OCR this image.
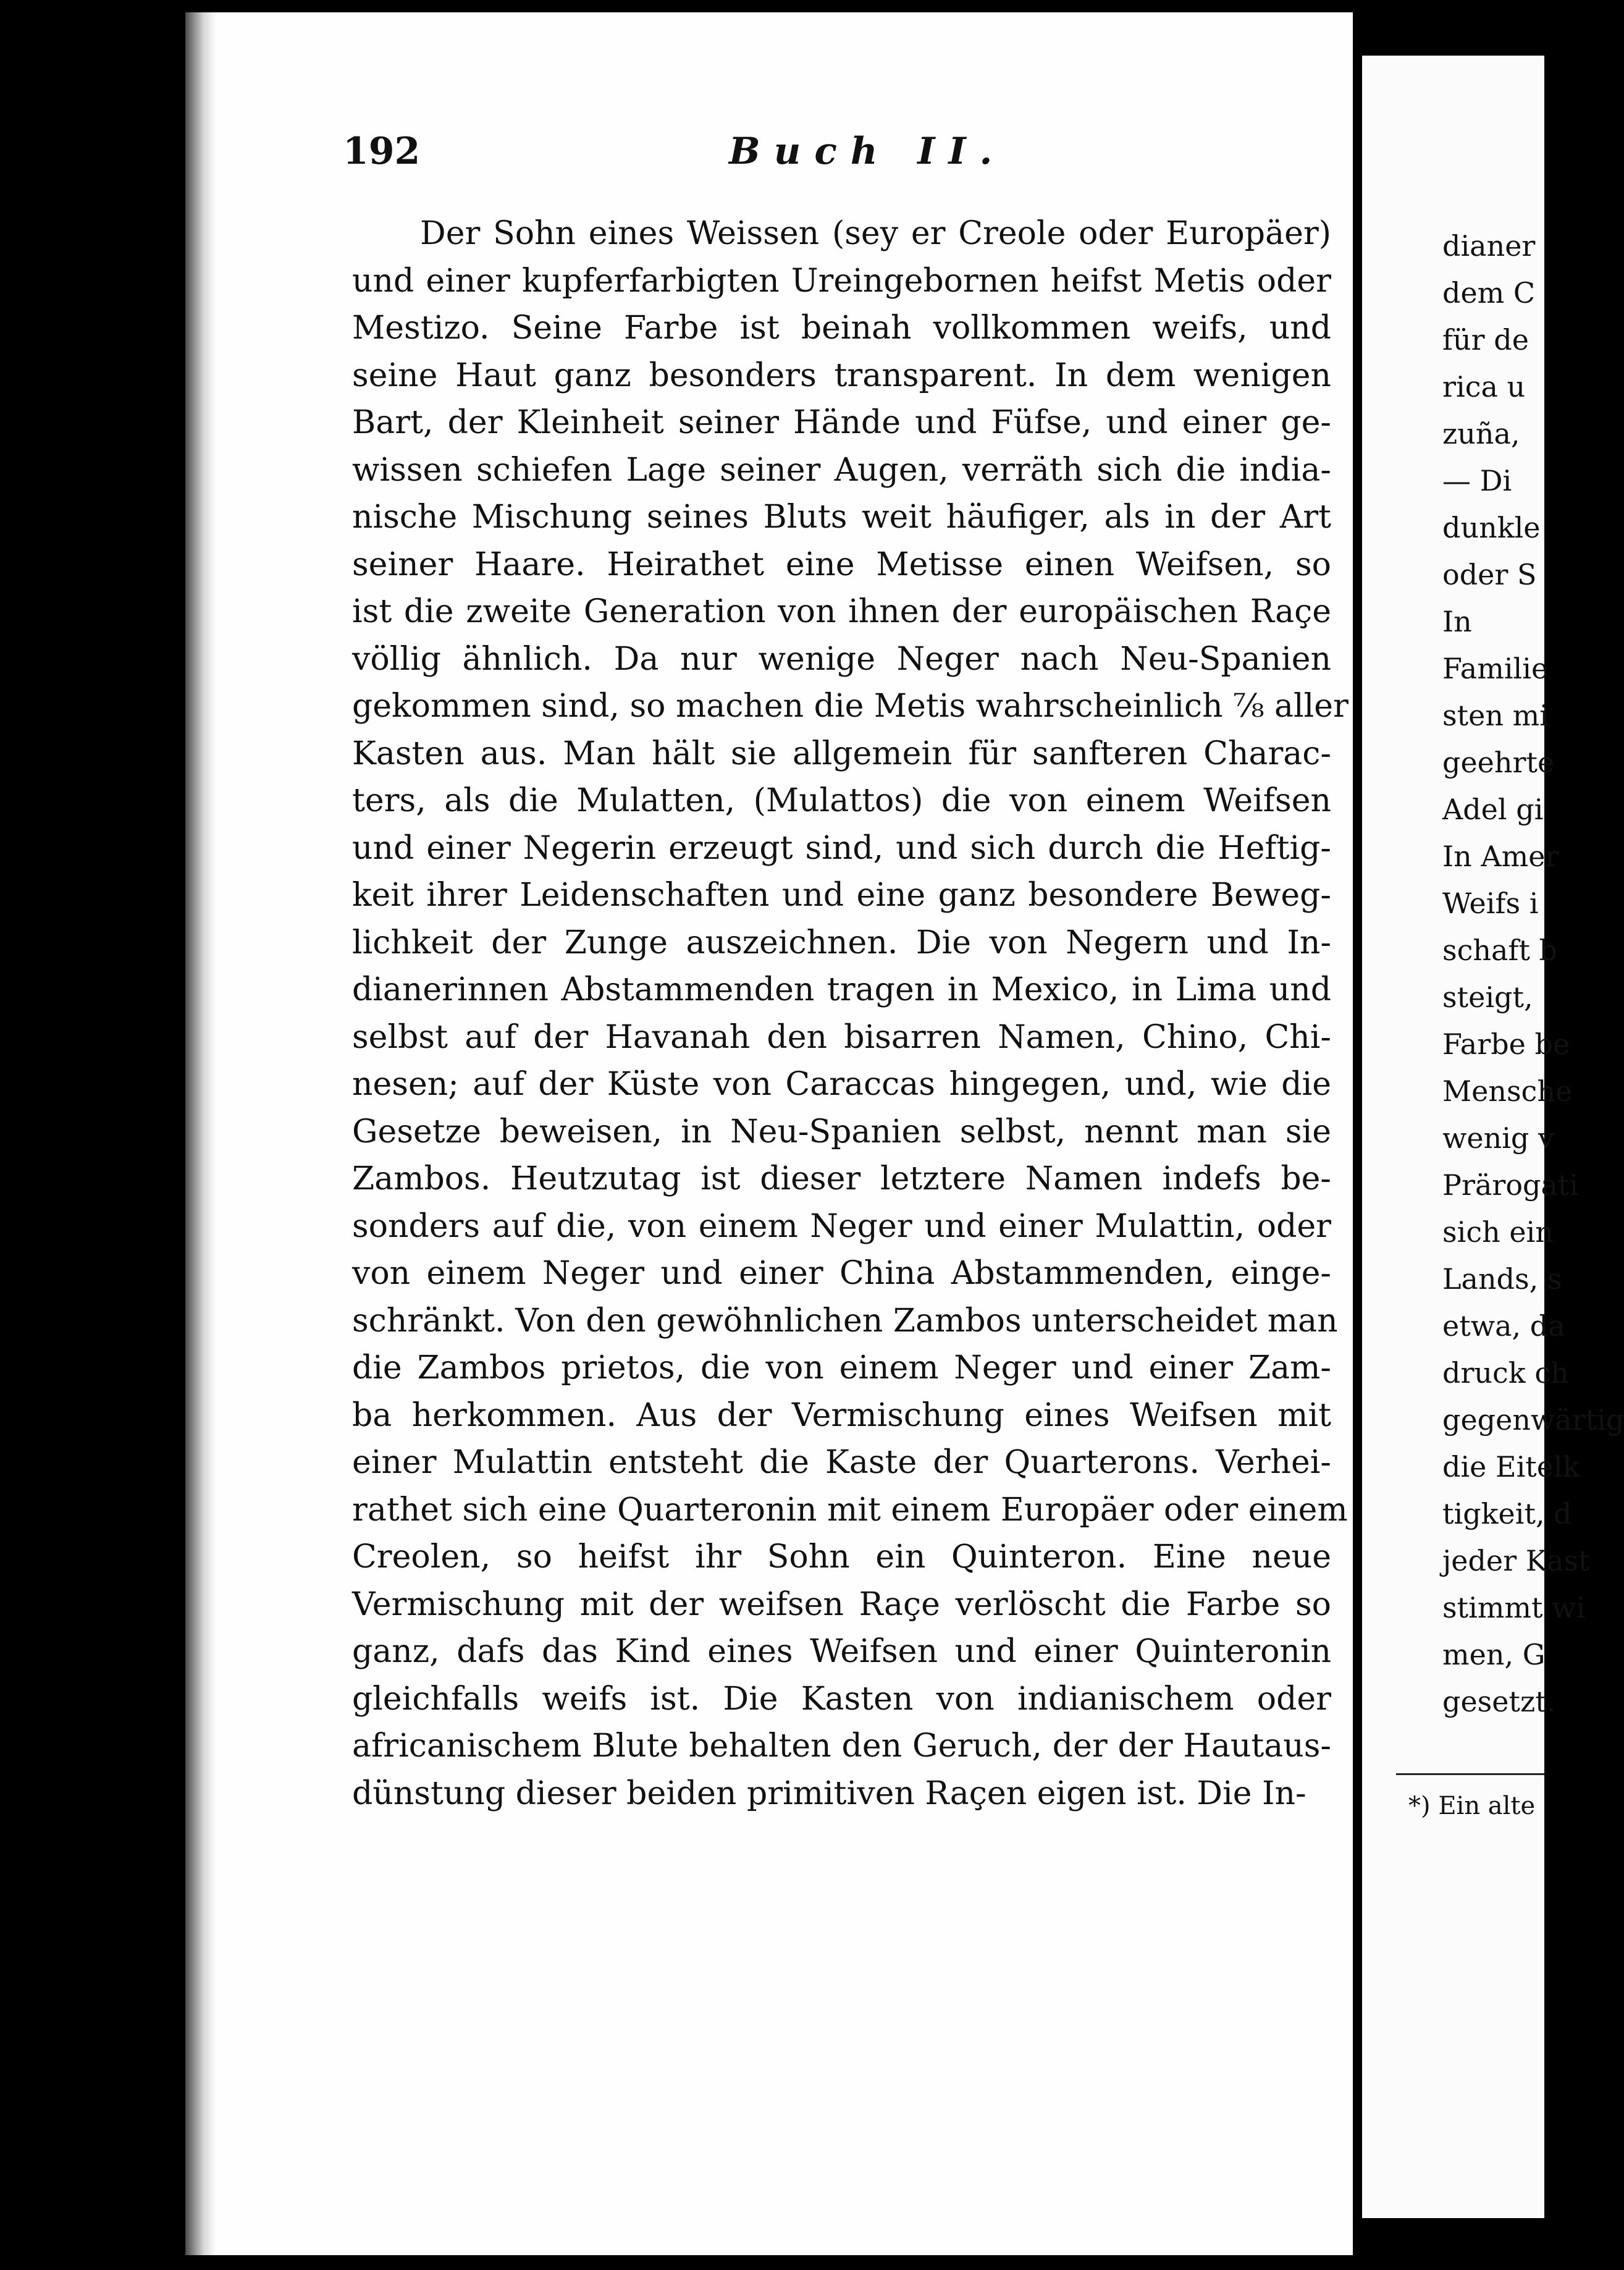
192	Buch II.
Der Sohn eines Weissen (sey er Creole oder Europäer)
und einer kupferfarbigten Ureingebornen heifst Metis oder
Mestizo. Seine Farbe ist beinah vollkommen weifs, und
seine Haut ganz besonders transparent. In dem wenigen
Bart, der Kleinheit seiner Hände und Füfse, und einer ge-
wissen schiefen Lage seiner Augen, verräth sich die india-
nische Mischung seines Bluts weit häufiger, als in der Art
seiner Haare. Heirathet eine Metisse einen Weifsen, so
ist die zweite Generation von ihnen der europäischen Raçe
völlig ähnlich. Da nur wenige Neger nach Neu-Spanien
gekommen sind, so machen die Metis wahrscheinlich ⅞ aller
Kasten aus. Man hält sie allgemein für sanfteren Charac-
ters, als die Mulatten, (Mulattos) die von einem Weifsen
und einer Negerin erzeugt sind, und sich durch die Heftig-
keit ihrer Leidenschaften und eine ganz besondere Beweg-
lichkeit der Zunge auszeichnen. Die von Negern und In-
dianerinnen Abstammenden tragen in Mexico, in Lima und
selbst auf der Havanah den bisarren Namen, Chino, Chi-
nesen; auf der Küste von Caraccas hingegen, und, wie die
Gesetze beweisen, in Neu-Spanien selbst, nennt man sie
Zambos. Heutzutag ist dieser letztere Namen indefs be-
sonders auf die, von einem Neger und einer Mulattin, oder
von einem Neger und einer China Abstammenden, einge-
schränkt. Von den gewöhnlichen Zambos unterscheidet man
die Zambos prietos, die von einem Neger und einer Zam-
ba herkommen. Aus der Vermischung eines Weifsen mit
einer Mulattin entsteht die Kaste der Quarterons. Verhei-
rathet sich eine Quarteronin mit einem Europäer oder einem
Creolen, so heifst ihr Sohn ein Quinteron. Eine neue
Vermischung mit der weifsen Raçe verlöscht die Farbe so
ganz, dafs das Kind eines Weifsen und einer Quinteronin
gleichfalls weifs ist. Die Kasten von indianischem oder
africanischem Blute behalten den Geruch, der der Hautaus-
dünstung dieser beiden primitiven Raçen eigen ist. Die In-
dianer
dem C
für de
rica u
zuña,
— Di
dunkle
oder S
In
Familie
sten mi
geehrte
Adel gi
In Amer
Weifs i
schaft b
steigt,
Farbe be
Mensche
wenig v
Prärogati
sich ein
Lands, s
etwa, da
druck ch
gegenwärtig
die Eitelk
tigkeit, d
jeder Kast
stimmt wi
men, G
gesetzt.
*) Ein alte
